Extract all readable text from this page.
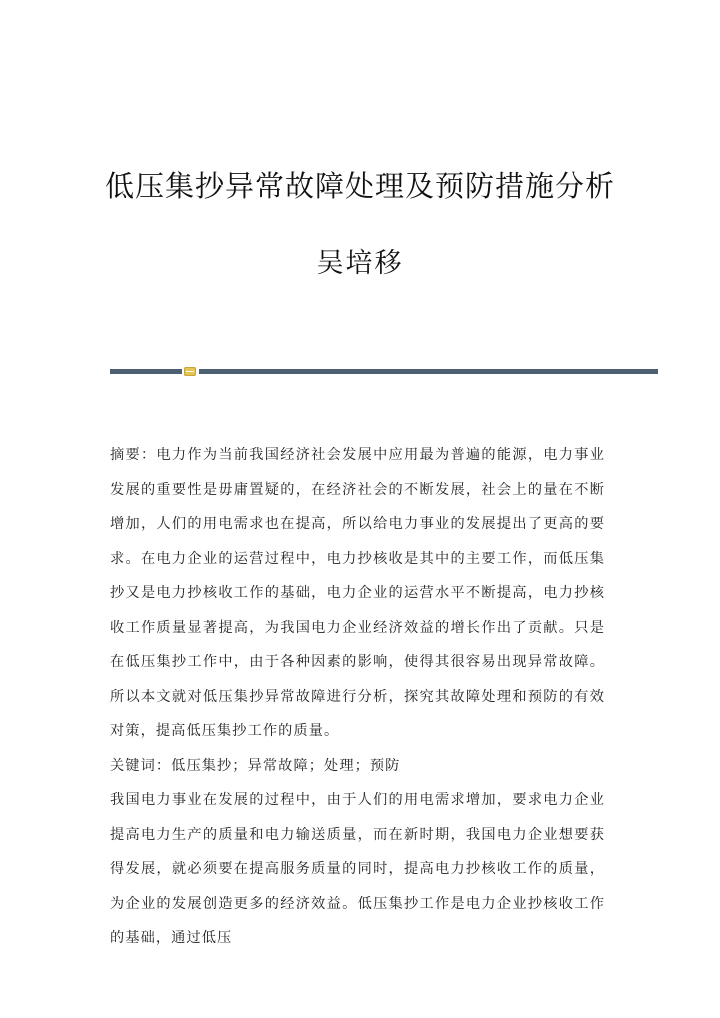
低压集抄异常故障处理及预防措施分析
吴培移

摘要：电力作为当前我国经济社会发展中应用最为普遍的能源，电力事业发展的重要性是毋庸置疑的，在经济社会的不断发展，社会上的量在不断增加，人们的用电需求也在提高，所以给电力事业的发展提出了更高的要求。在电力企业的运营过程中，电力抄核收是其中的主要工作，而低压集抄又是电力抄核收工作的基础，电力企业的运营水平不断提高，电力抄核收工作质量显著提高，为我国电力企业经济效益的增长作出了贡献。只是在低压集抄工作中，由于各种因素的影响，使得其很容易出现异常故障。所以本文就对低压集抄异常故障进行分析，探究其故障处理和预防的有效对策，提高低压集抄工作的质量。

关键词：低压集抄；异常故障；处理；预防

我国电力事业在发展的过程中，由于人们的用电需求增加，要求电力企业提高电力生产的质量和电力输送质量，而在新时期，我国电力企业想要获得发展，就必须要在提高服务质量的同时，提高电力抄核收工作的质量，为企业的发展创造更多的经济效益。低压集抄工作是电力企业抄核收工作的基础，通过低压
